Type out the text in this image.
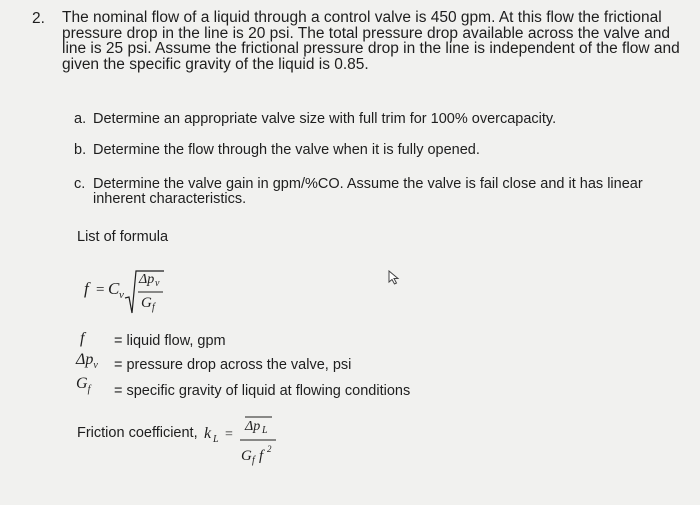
2. The nominal flow of a liquid through a control valve is 450 gpm. At this flow the frictional
pressure drop in the line is 20 psi. The total pressure drop available across the valve and
line is 25 psi. Assume the frictional pressure drop in the line is independent of the flow and
given the specific gravity of the liquid is 0.85.
a. Determine an appropriate valve size with full trim for 100% overcapacity.
b. Determine the flow through the valve when it is fully opened.
c. Determine the valve gain in gpm/%CO. Assume the valve is fail close and it has linear
inherent characteristics.
List of formula
f = C v
Δp v
G f
f = liquid flow, gpm
$\Delta p_v$ = pressure drop across the valve, psi
$G_f$ = specific gravity of liquid at flowing conditions
Friction coefficient, k L =
Δp L
G f f 2
